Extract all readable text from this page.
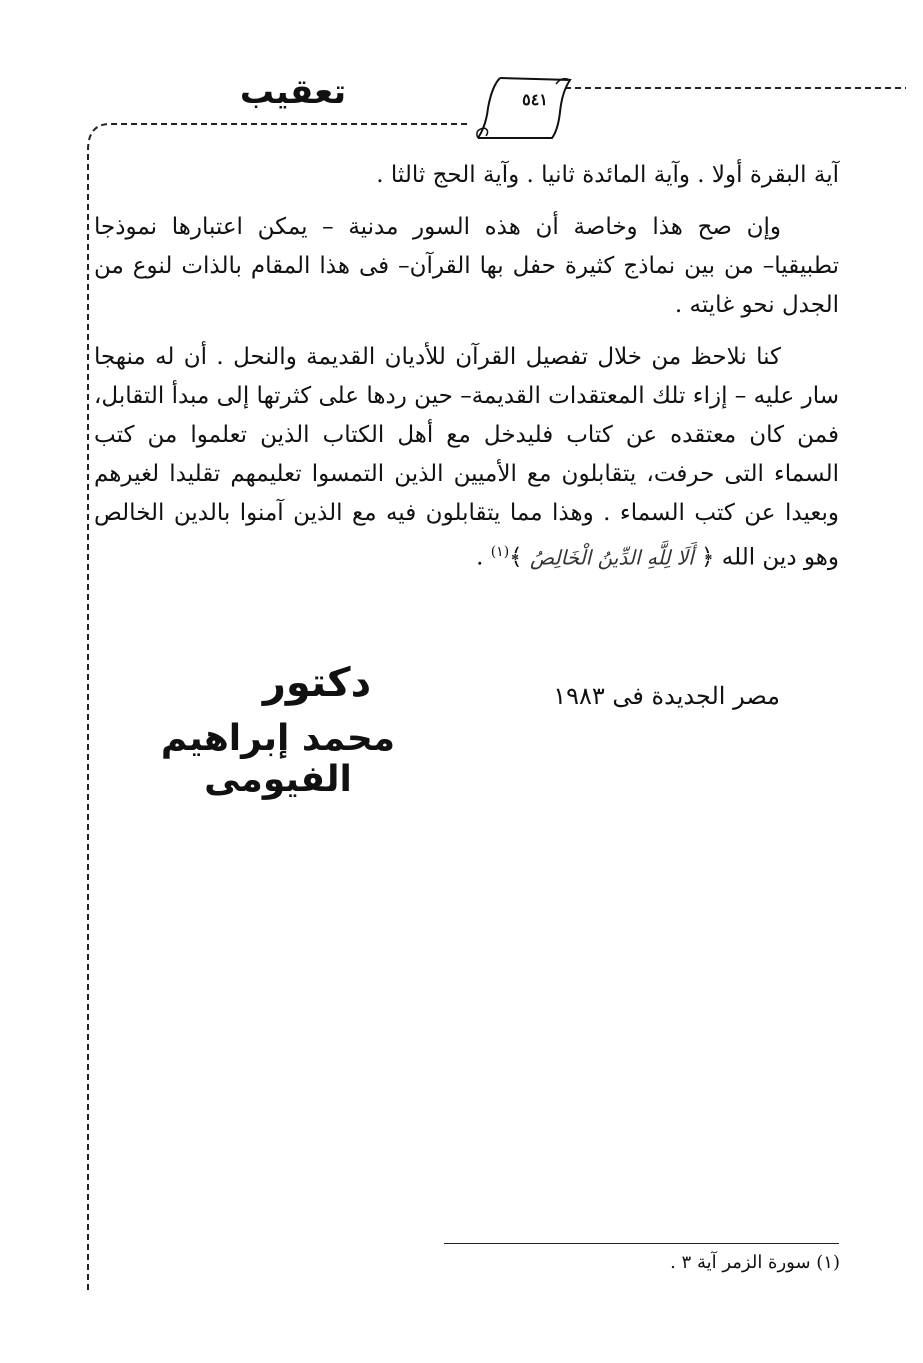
تعقيب	٥٤١

آية البقرة أولا . وآية المائدة ثانيا . وآية الحج ثالثا .

وإن صح هذا وخاصة أن هذه السور مدنية – يمكن اعتبارها نموذجا تطبيقيا– من بين نماذج كثيرة حفل بها القرآن– فى هذا المقام بالذات لنوع من الجدل نحو غايته .

كنا نلاحظ من خلال تفصيل القرآن للأديان القديمة والنحل . أن له منهجا سار عليه – إزاء تلك المعتقدات القديمة– حين ردها على كثرتها إلى مبدأ التقابل، فمن كان معتقده عن كتاب فليدخل مع أهل الكتاب الذين تعلموا من كتب السماء التى حرفت، يتقابلون مع الأميين الذين التمسوا تعليمهم تقليدا لغيرهم وبعيدا عن كتب السماء . وهذا مما يتقابلون فيه مع الذين آمنوا بالدين الخالص وهو دين الله ﴿ أَلَا لِلَّهِ الدِّينُ الْخَالِصُ ﴾$^{(١)}$ .

مصر الجديدة فى ١٩٨٣
دكتور
محمد إبراهيم الفيومى
(١) سورة الزمر آية ٣ .
